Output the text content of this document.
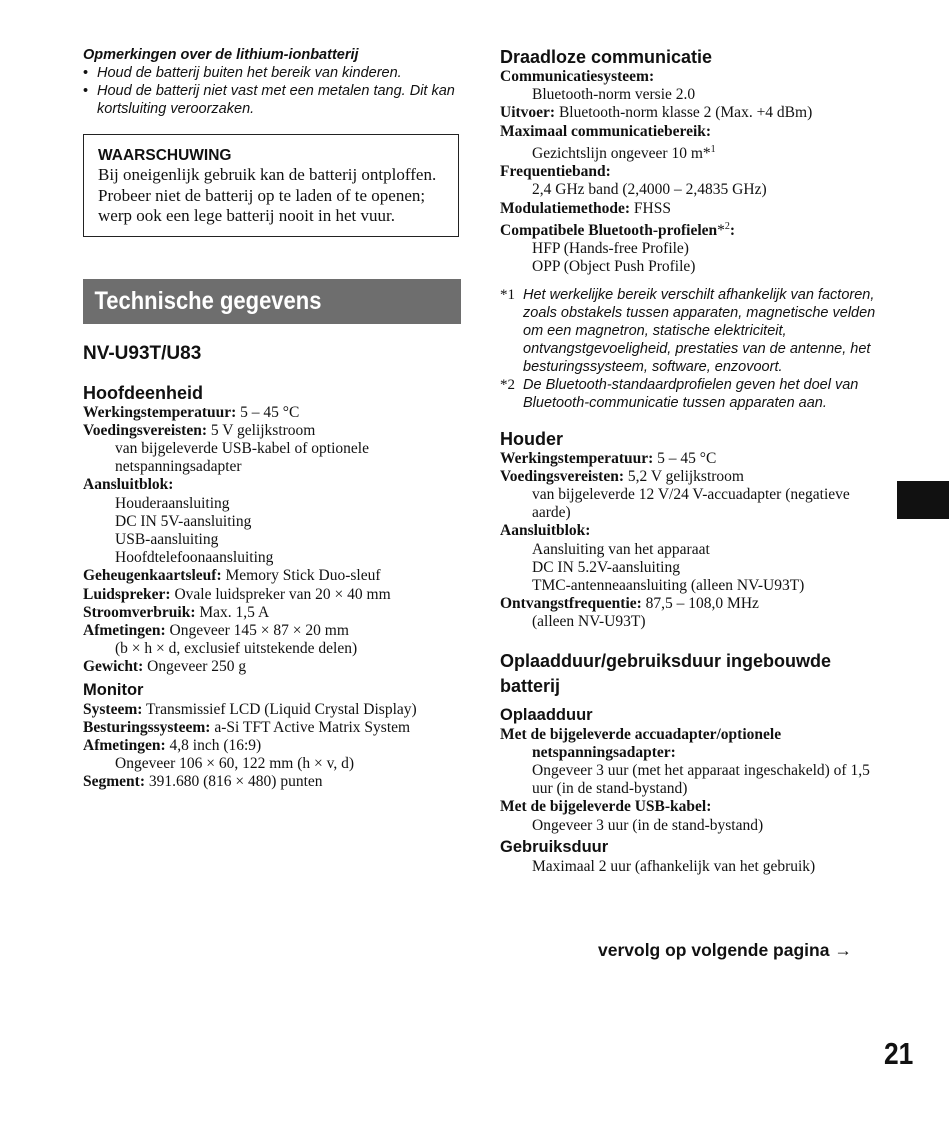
Opmerkingen over de lithium-ionbatterij
• Houd de batterij buiten het bereik van kinderen.
• Houd de batterij niet vast met een metalen tang. Dit kan kortsluiting veroorzaken.
WAARSCHUWING
Bij oneigenlijk gebruik kan de batterij ontploffen.
Probeer niet de batterij op te laden of te openen; werp ook een lege batterij nooit in het vuur.
Technische gegevens
NV-U93T/U83
Hoofdeenheid
Werkingstemperatuur: 5 – 45 °C
Voedingsvereisten: 5 V gelijkstroom
van bijgeleverde USB-kabel of optionele netspanningsadapter
Aansluitblok:
Houderaansluiting
DC IN 5V-aansluiting
USB-aansluiting
Hoofdtelefoonaansluiting
Geheugenkaartsleuf: Memory Stick Duo-sleuf
Luidspreker: Ovale luidspreker van 20 × 40 mm
Stroomverbruik: Max. 1,5 A
Afmetingen: Ongeveer 145 × 87 × 20 mm
(b × h × d, exclusief uitstekende delen)
Gewicht: Ongeveer 250 g
Monitor
Systeem: Transmissief LCD (Liquid Crystal Display)
Besturingssysteem: a-Si TFT Active Matrix System
Afmetingen: 4,8 inch (16:9)
Ongeveer 106 × 60, 122 mm (h × v, d)
Segment: 391.680 (816 × 480) punten
Draadloze communicatie
Communicatiesysteem:
Bluetooth-norm versie 2.0
Uitvoer: Bluetooth-norm klasse 2 (Max. +4 dBm)
Maximaal communicatiebereik:
Gezichtslijn ongeveer 10 m*$^1$
Frequentieband:
2,4 GHz band (2,4000 – 2,4835 GHz)
Modulatiemethode: FHSS
Compatibele Bluetooth-profielen*$^2$:
HFP (Hands-free Profile)
OPP (Object Push Profile)
*1 Het werkelijke bereik verschilt afhankelijk van factoren, zoals obstakels tussen apparaten, magnetische velden om een magnetron, statische elektriciteit, ontvangstgevoeligheid, prestaties van de antenne, het besturingssysteem, software, enzovoort.
*2 De Bluetooth-standaardprofielen geven het doel van Bluetooth-communicatie tussen apparaten aan.
Houder
Werkingstemperatuur: 5 – 45 °C
Voedingsvereisten: 5,2 V gelijkstroom
van bijgeleverde 12 V/24 V-accuadapter (negatieve aarde)
Aansluitblok:
Aansluiting van het apparaat
DC IN 5.2V-aansluiting
TMC-antenneaansluiting (alleen NV-U93T)
Ontvangstfrequentie: 87,5 – 108,0 MHz
(alleen NV-U93T)
Oplaadduur/gebruiksduur ingebouwde batterij
Oplaadduur
Met de bijgeleverde accuadapter/optionele
netspanningsadapter:
Ongeveer 3 uur (met het apparaat ingeschakeld) of 1,5 uur (in de stand-bystand)
Met de bijgeleverde USB-kabel:
Ongeveer 3 uur (in de stand-bystand)
Gebruiksduur
Maximaal 2 uur (afhankelijk van het gebruik)
vervolg op volgende pagina →
21
